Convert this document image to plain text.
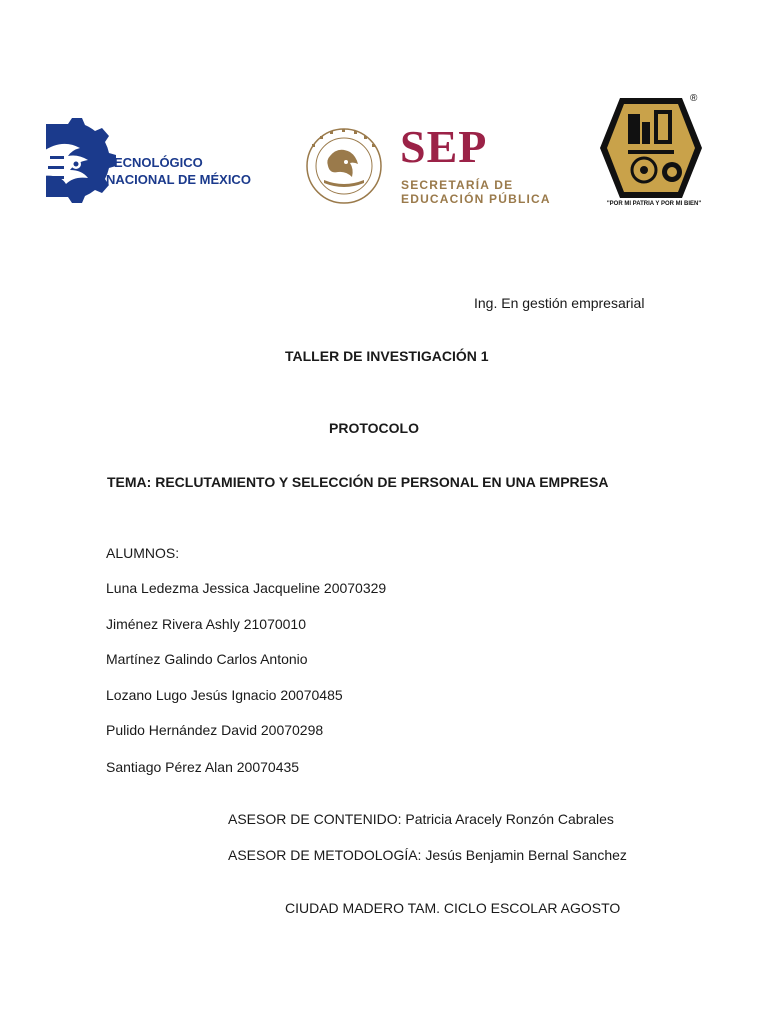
TECNOLÓGICO
NACIONAL DE MÉXICO
SEP
SECRETARÍA DE
EDUCACIÓN PÚBLICA
®
"POR MI PATRIA Y POR MI BIEN"
Ing. En gestión empresarial
TALLER DE INVESTIGACIÓN 1
PROTOCOLO
TEMA: RECLUTAMIENTO Y SELECCIÓN DE PERSONAL EN UNA EMPRESA
ALUMNOS:
Luna Ledezma Jessica Jacqueline 20070329
Jiménez Rivera Ashly 21070010
Martínez Galindo Carlos Antonio
Lozano Lugo Jesús Ignacio 20070485
Pulido Hernández David 20070298
Santiago Pérez Alan 20070435
ASESOR DE CONTENIDO: Patricia Aracely Ronzón Cabrales
ASESOR DE METODOLOGÍA: Jesús Benjamin Bernal Sanchez
CIUDAD MADERO TAM. CICLO ESCOLAR AGOSTO
